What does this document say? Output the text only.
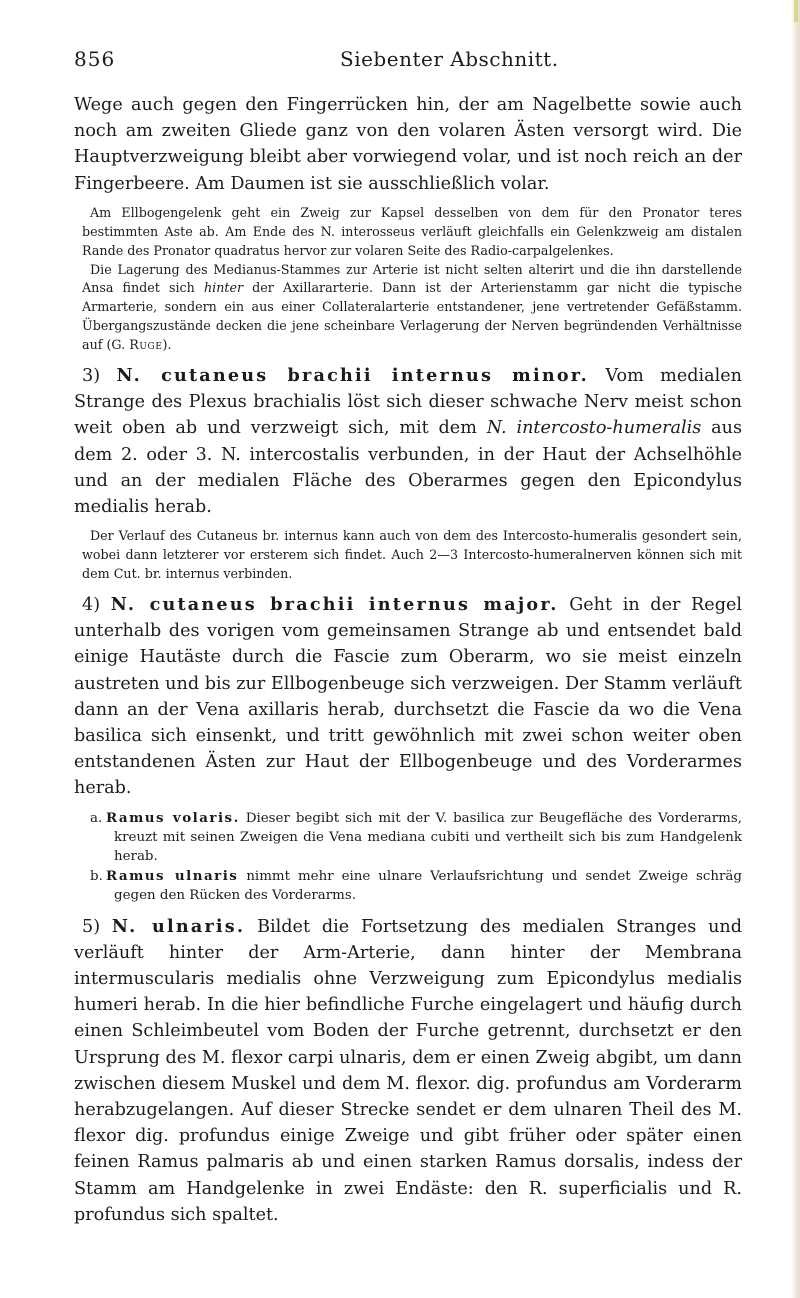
856	Siebenter Abschnitt.

Wege auch gegen den Fingerrücken hin, der am Nagelbette sowie auch noch am zweiten Gliede ganz von den volaren Ästen versorgt wird. Die Hauptverzweigung bleibt aber vorwiegend volar, und ist noch reich an der Fingerbeere. Am Daumen ist sie ausschließlich volar.

Am Ellbogengelenk geht ein Zweig zur Kapsel desselben von dem für den Pronator teres bestimmten Aste ab. Am Ende des N. interosseus verläuft gleichfalls ein Gelenkzweig am distalen Rande des Pronator quadratus hervor zur volaren Seite des Radio-carpalgelenkes.

Die Lagerung des Medianus-Stammes zur Arterie ist nicht selten alterirt und die ihn darstellende Ansa findet sich hinter der Axillararterie. Dann ist der Arterienstamm gar nicht die typische Armarterie, sondern ein aus einer Collateralarterie entstandener, jene vertretender Gefäßstamm. Übergangszustände decken die jene scheinbare Verlagerung der Nerven begründenden Verhältnisse auf (G. Ruge).

3) N. cutaneus brachii internus minor. Vom medialen Strange des Plexus brachialis löst sich dieser schwache Nerv meist schon weit oben ab und verzweigt sich, mit dem N. intercosto-humeralis aus dem 2. oder 3. N. intercostalis verbunden, in der Haut der Achselhöhle und an der medialen Fläche des Oberarmes gegen den Epicondylus medialis herab.

Der Verlauf des Cutaneus br. internus kann auch von dem des Intercosto-humeralis gesondert sein, wobei dann letzterer vor ersterem sich findet. Auch 2—3 Intercosto-humeralnerven können sich mit dem Cut. br. internus verbinden.

4) N. cutaneus brachii internus major. Geht in der Regel unterhalb des vorigen vom gemeinsamen Strange ab und entsendet bald einige Hautäste durch die Fascie zum Oberarm, wo sie meist einzeln austreten und bis zur Ellbogenbeuge sich verzweigen. Der Stamm verläuft dann an der Vena axillaris herab, durchsetzt die Fascie da wo die Vena basilica sich einsenkt, und tritt gewöhnlich mit zwei schon weiter oben entstandenen Ästen zur Haut der Ellbogenbeuge und des Vorderarmes herab.

a. Ramus volaris. Dieser begibt sich mit der V. basilica zur Beugefläche des Vorderarms, kreuzt mit seinen Zweigen die Vena mediana cubiti und vertheilt sich bis zum Handgelenk herab.

b. Ramus ulnaris nimmt mehr eine ulnare Verlaufsrichtung und sendet Zweige schräg gegen den Rücken des Vorderarms.

5) N. ulnaris. Bildet die Fortsetzung des medialen Stranges und verläuft hinter der Arm-Arterie, dann hinter der Membrana intermuscularis medialis ohne Verzweigung zum Epicondylus medialis humeri herab. In die hier befindliche Furche eingelagert und häufig durch einen Schleimbeutel vom Boden der Furche getrennt, durchsetzt er den Ursprung des M. flexor carpi ulnaris, dem er einen Zweig abgibt, um dann zwischen diesem Muskel und dem M. flexor. dig. profundus am Vorderarm herabzugelangen. Auf dieser Strecke sendet er dem ulnaren Theil des M. flexor dig. profundus einige Zweige und gibt früher oder später einen feinen Ramus palmaris ab und einen starken Ramus dorsalis, indess der Stamm am Handgelenke in zwei Endäste: den R. superficialis und R. profundus sich spaltet.
